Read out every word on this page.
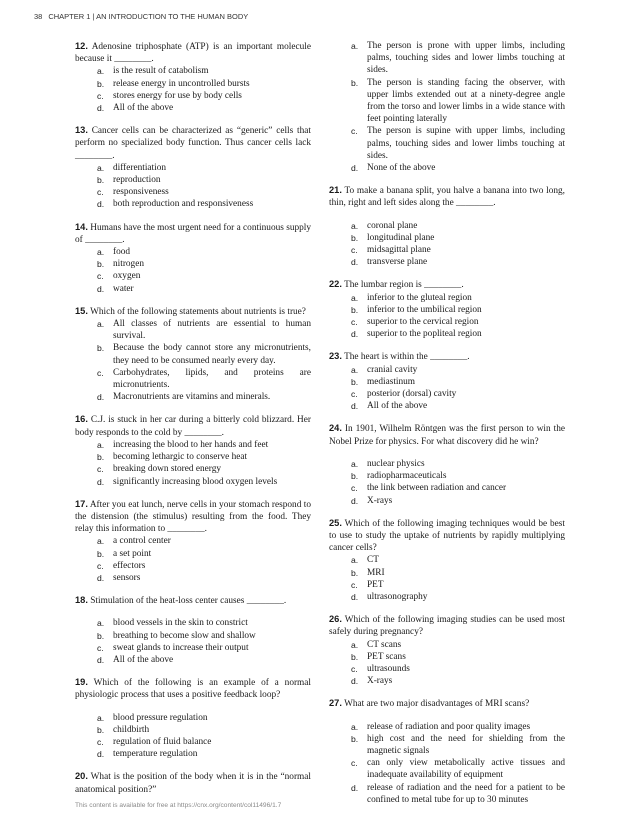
38 CHAPTER 1 | AN INTRODUCTION TO THE HUMAN BODY
12. Adenosine triphosphate (ATP) is an important molecule because it ________.
a. is the result of catabolism
b. release energy in uncontrolled bursts
c.	stores energy for use by body cells
d. All of the above
13. Cancer cells can be characterized as “generic” cells that perform no specialized body function. Thus cancer cells lack ________.
a. differentiation
b. reproduction
c.	responsiveness
d. both reproduction and responsiveness
14. Humans have the most urgent need for a continuous supply of ________.
a. food
b. nitrogen
c.	oxygen
d. water
15. Which of the following statements about nutrients is true?
a. All classes of nutrients are essential to human survival.
b. Because the body cannot store any micronutrients, they need to be consumed nearly every day.
c.	Carbohydrates, lipids, and proteins are micronutrients.
d. Macronutrients are vitamins and minerals.
16. C.J. is stuck in her car during a bitterly cold blizzard. Her body responds to the cold by ________.
a. increasing the blood to her hands and feet
b. becoming lethargic to conserve heat
c.	breaking down stored energy
d. significantly increasing blood oxygen levels
17. After you eat lunch, nerve cells in your stomach respond to the distension (the stimulus) resulting from the food. They relay this information to ________.
a. a control center
b. a set point
c.	effectors
d. sensors
18. Stimulation of the heat-loss center causes ________.
a. blood vessels in the skin to constrict
b. breathing to become slow and shallow
c.	sweat glands to increase their output
d. All of the above
19. Which of the following is an example of a normal physiologic process that uses a positive feedback loop?
a. blood pressure regulation
b. childbirth
c.	regulation of fluid balance
d. temperature regulation
20. What is the position of the body when it is in the “normal anatomical position?”
a. The person is prone with upper limbs, including palms, touching sides and lower limbs touching at sides.
b. The person is standing facing the observer, with upper limbs extended out at a ninety-degree angle from the torso and lower limbs in a wide stance with feet pointing laterally
c.	The person is supine with upper limbs, including palms, touching sides and lower limbs touching at sides.
d. None of the above
21. To make a banana split, you halve a banana into two long, thin, right and left sides along the ________.
a. coronal plane
b. longitudinal plane
c.	midsagittal plane
d. transverse plane
22. The lumbar region is ________.
a. inferior to the gluteal region
b. inferior to the umbilical region
c.	superior to the cervical region
d. superior to the popliteal region
23. The heart is within the ________.
a. cranial cavity
b. mediastinum
c.	posterior (dorsal) cavity
d. All of the above
24. In 1901, Wilhelm Röntgen was the first person to win the Nobel Prize for physics. For what discovery did he win?
a. nuclear physics
b. radiopharmaceuticals
c.	the link between radiation and cancer
d. X-rays
25. Which of the following imaging techniques would be best to use to study the uptake of nutrients by rapidly multiplying cancer cells?
a. CT
b. MRI
c.	PET
d. ultrasonography
26. Which of the following imaging studies can be used most safely during pregnancy?
a. CT scans
b. PET scans
c.	ultrasounds
d. X-rays
27. What are two major disadvantages of MRI scans?
a. release of radiation and poor quality images
b. high cost and the need for shielding from the magnetic signals
c.	can only view metabolically active tissues and inadequate availability of equipment
d. release of radiation and the need for a patient to be confined to metal tube for up to 30 minutes
This content is available for free at https://cnx.org/content/col11496/1.7
